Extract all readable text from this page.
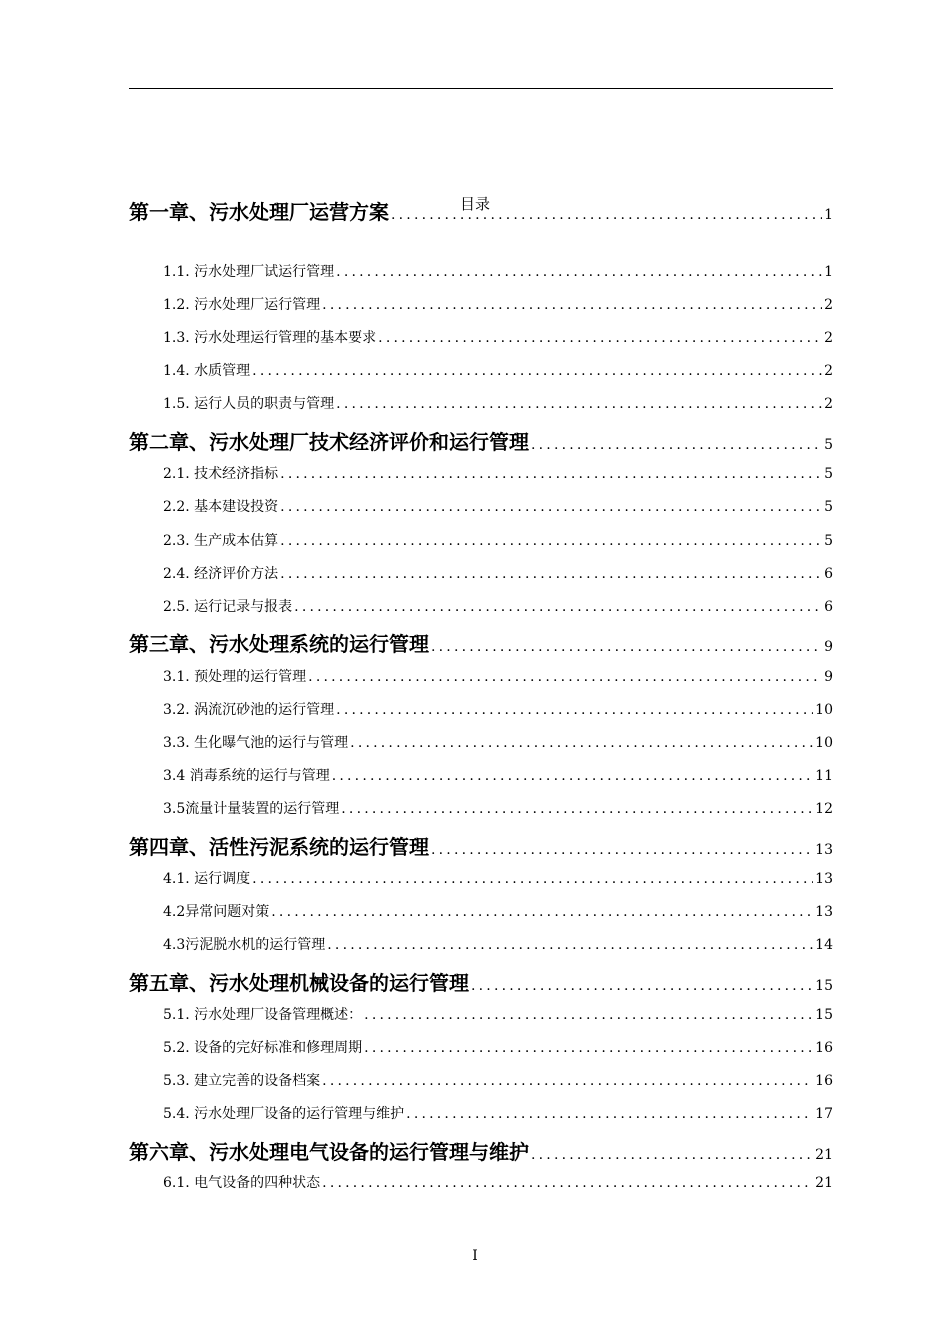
目录
第一章、污水处理厂运营方案 .....	1
1.1. 污水处理厂试运行管理 .....	1
1.2. 污水处理厂运行管理 .....	2
1.3. 污水处理运行管理的基本要求 .....	2
1.4. 水质管理 .....	2
1.5. 运行人员的职责与管理 .....	2
第二章、污水处理厂技术经济评价和运行管理 .....	5
2.1. 技术经济指标 .....	5
2.2. 基本建设投资 .....	5
2.3. 生产成本估算 .....	5
2.4. 经济评价方法 .....	6
2.5. 运行记录与报表 .....	6
第三章、污水处理系统的运行管理 .....	9
3.1. 预处理的运行管理 .....	9
3.2. 涡流沉砂池的运行管理 .....	10
3.3. 生化曝气池的运行与管理 .....	10
3.4 消毒系统的运行与管理 .....	11
3.5流量计量装置的运行管理 .....	12
第四章、活性污泥系统的运行管理 .....	13
4.1. 运行调度 .....	13
4.2异常问题对策 .....	13
4.3污泥脱水机的运行管理 .....	14
第五章、污水处理机械设备的运行管理 .....	15
5.1. 污水处理厂设备管理概述： .....	15
5.2. 设备的完好标准和修理周期 .....	16
5.3. 建立完善的设备档案 .....	16
5.4. 污水处理厂设备的运行管理与维护 .....	17
第六章、污水处理电气设备的运行管理与维护 .....	21
6.1. 电气设备的四种状态 .....	21
I
